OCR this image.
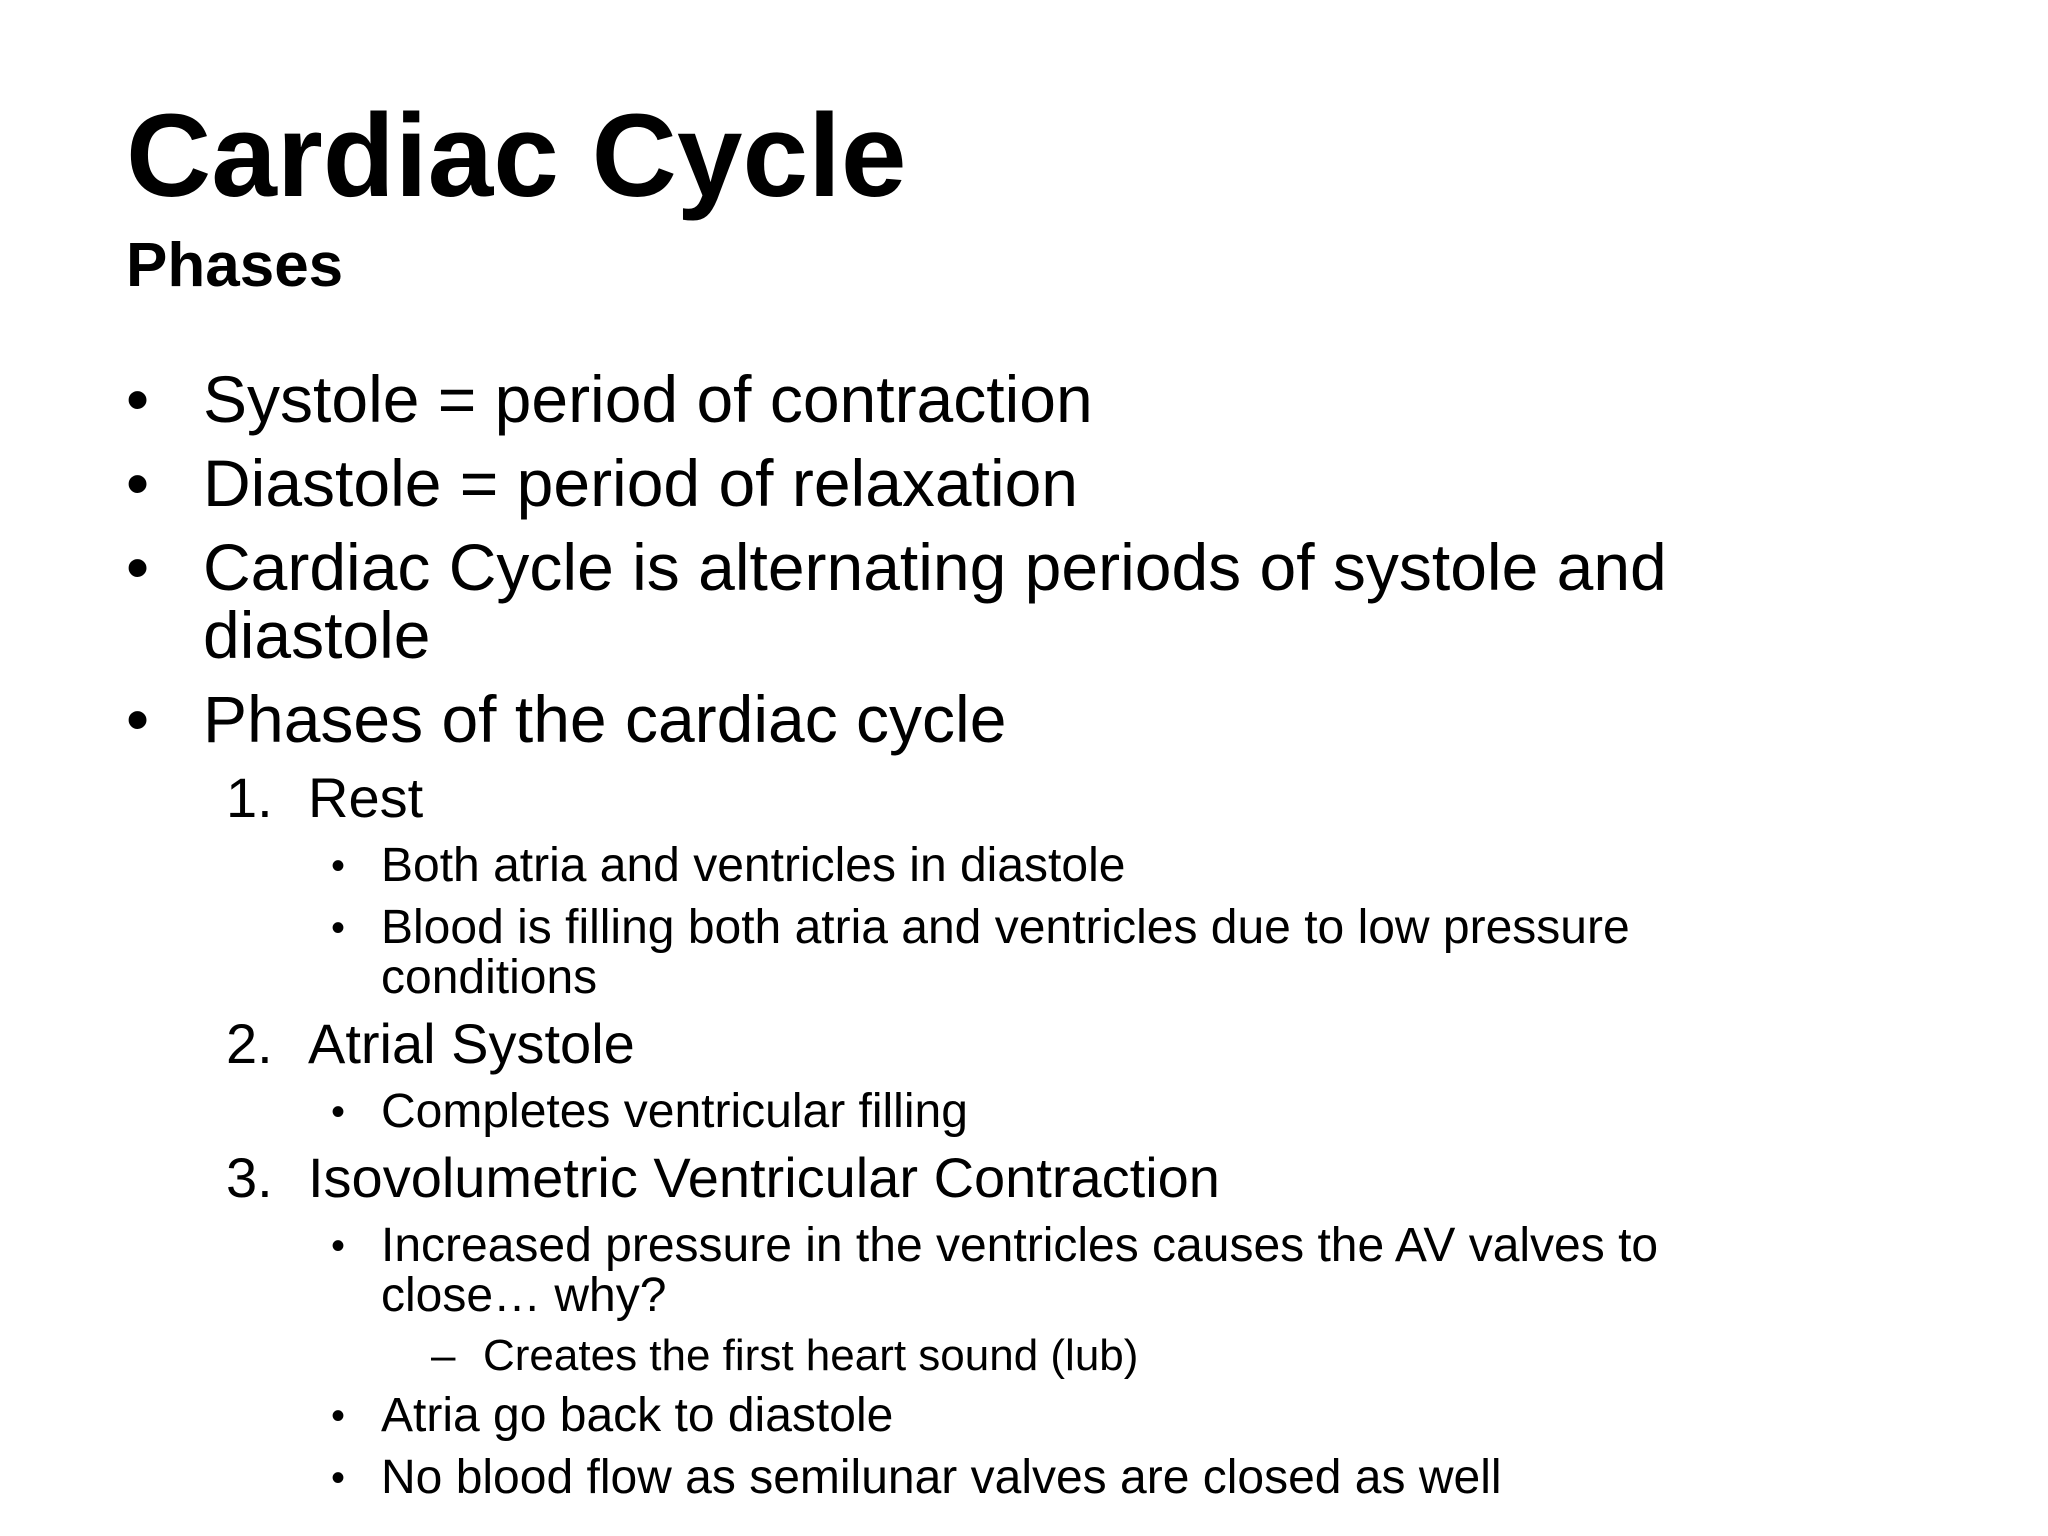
Cardiac Cycle
Phases
• Systole = period of contraction
• Diastole = period of relaxation
• Cardiac Cycle is alternating periods of systole and diastole
• Phases of the cardiac cycle
1. Rest
• Both atria and ventricles in diastole
• Blood is filling both atria and ventricles due to low pressure conditions
2. Atrial Systole
• Completes ventricular filling
3. Isovolumetric Ventricular Contraction
• Increased pressure in the ventricles causes the AV valves to close… why?
– Creates the first heart sound (lub)
• Atria go back to diastole
• No blood flow as semilunar valves are closed as well
